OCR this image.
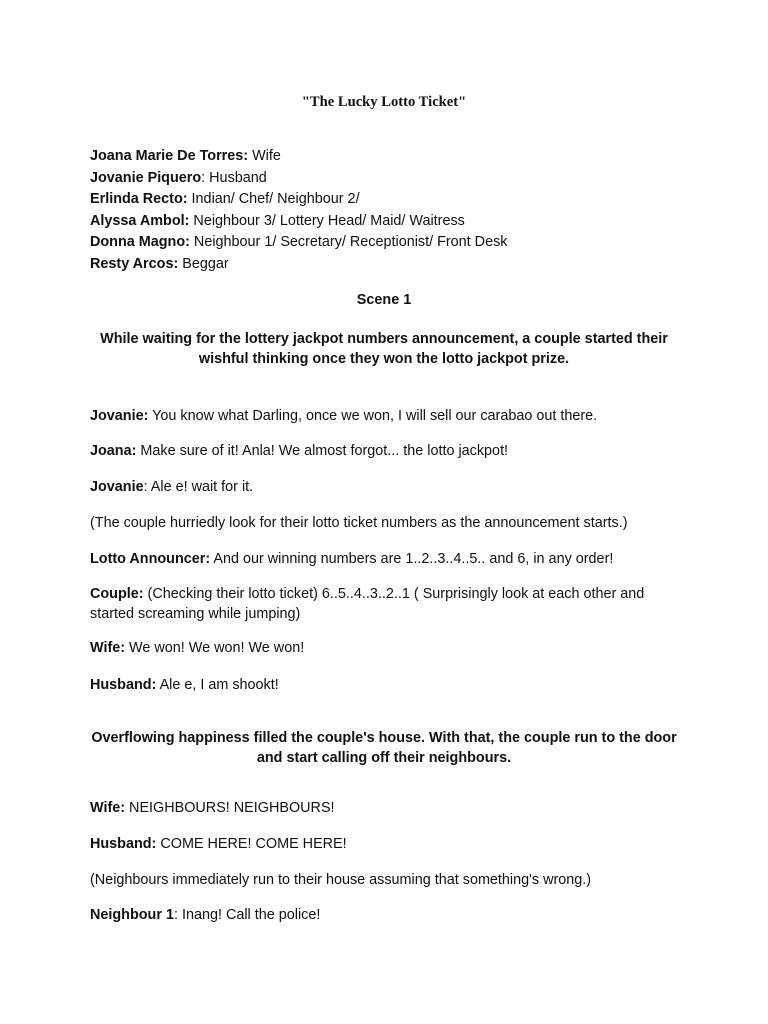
"The Lucky Lotto Ticket"
Joana Marie De Torres: Wife
Jovanie Piquero: Husband
Erlinda Recto: Indian/ Chef/ Neighbour 2/
Alyssa Ambol: Neighbour 3/ Lottery Head/ Maid/ Waitress
Donna Magno: Neighbour 1/ Secretary/ Receptionist/ Front Desk
Resty Arcos: Beggar
Scene 1

While waiting for the lottery jackpot numbers announcement, a couple started their wishful thinking once they won the lotto jackpot prize.

Jovanie: You know what Darling, once we won, I will sell our carabao out there.

Joana: Make sure of it! Anla! We almost forgot... the lotto jackpot!

Jovanie: Ale e! wait for it.

(The couple hurriedly look for their lotto ticket numbers as the announcement starts.)

Lotto Announcer: And our winning numbers are 1..2..3..4..5.. and 6, in any order!

Couple: (Checking their lotto ticket) 6..5..4..3..2..1 ( Surprisingly look at each other and started screaming while jumping)

Wife: We won! We won! We won!

Husband: Ale e, I am shookt!

Overflowing happiness filled the couple's house. With that, the couple run to the door and start calling off their neighbours.

Wife: NEIGHBOURS! NEIGHBOURS!

Husband: COME HERE! COME HERE!

(Neighbours immediately run to their house assuming that something's wrong.)

Neighbour 1: Inang! Call the police!
